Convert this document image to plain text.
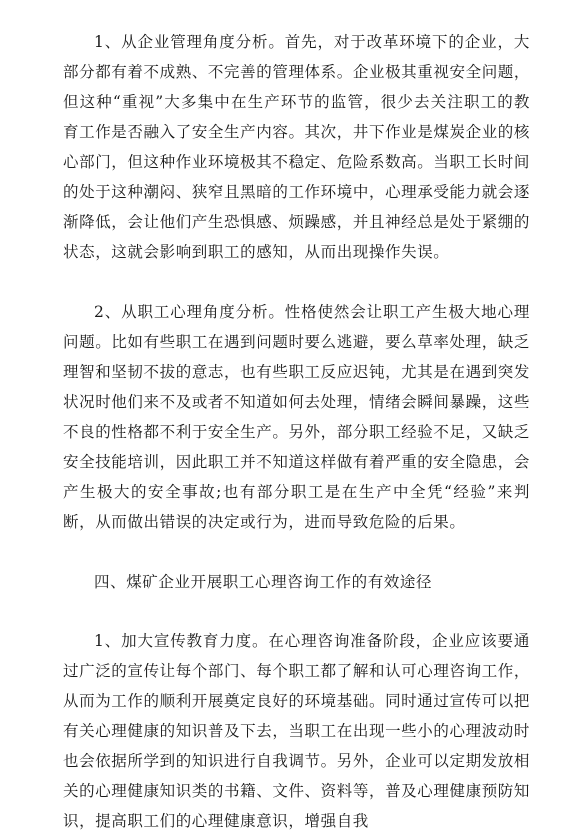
1、从企业管理角度分析。首先，对于改革环境下的企业，大部分都有着不成熟、不完善的管理体系。企业极其重视安全问题，但这种“重视”大多集中在生产环节的监管，很少去关注职工的教育工作是否融入了安全生产内容。其次，井下作业是煤炭企业的核心部门，但这种作业环境极其不稳定、危险系数高。当职工长时间的处于这种潮闷、狭窄且黑暗的工作环境中，心理承受能力就会逐渐降低，会让他们产生恐惧感、烦躁感，并且神经总是处于紧绷的状态，这就会影响到职工的感知，从而出现操作失误。

2、从职工心理角度分析。性格使然会让职工产生极大地心理问题。比如有些职工在遇到问题时要么逃避，要么草率处理，缺乏理智和坚韧不拔的意志，也有些职工反应迟钝，尤其是在遇到突发状况时他们来不及或者不知道如何去处理，情绪会瞬间暴躁，这些不良的性格都不利于安全生产。另外，部分职工经验不足，又缺乏安全技能培训，因此职工并不知道这样做有着严重的安全隐患，会产生极大的安全事故;也有部分职工是在生产中全凭“经验”来判断，从而做出错误的决定或行为，进而导致危险的后果。

四、煤矿企业开展职工心理咨询工作的有效途径

1、加大宣传教育力度。在心理咨询准备阶段，企业应该要通过广泛的宣传让每个部门、每个职工都了解和认可心理咨询工作，从而为工作的顺利开展奠定良好的环境基础。同时通过宣传可以把有关心理健康的知识普及下去，当职工在出现一些小的心理波动时也会依据所学到的知识进行自我调节。另外，企业可以定期发放相关的心理健康知识类的书籍、文件、资料等，普及心理健康预防知识，提高职工们的心理健康意识，增强自我
